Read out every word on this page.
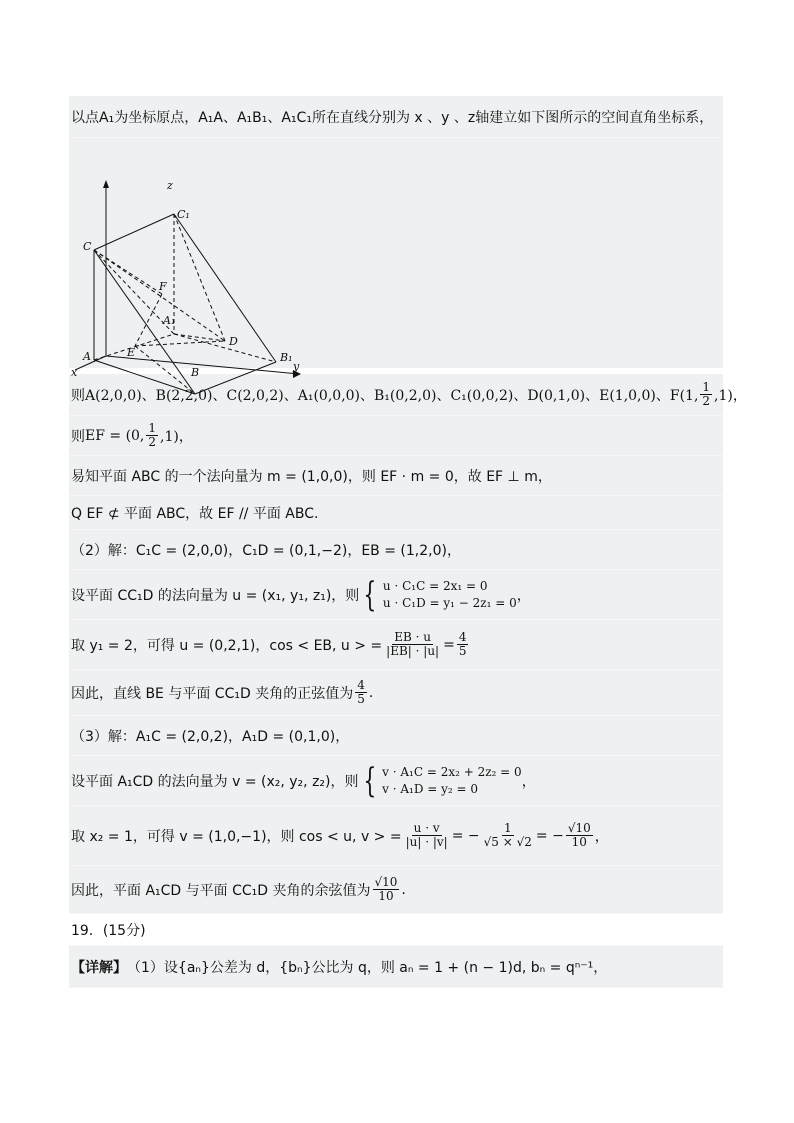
以点A₁为坐标原点，A₁A、A₁B₁、A₁C₁所在直线分别为 x 、y 、z轴建立如下图所示的空间直角坐标系，
z
C₁
C
F
A₁
D
E
A
x
B₁
y
B
则 A(2,0,0)、B(2,2,0)、C(2,0,2)、A₁(0,0,0)、B₁(0,2,0)、C₁(0,0,2)、D(0,1,0)、E(1,0,0)、F(1, $\frac{1}{2} ,1$)，
则 EF = (0, $\frac{1}{2} ,1$)，
易知平面 ABC 的一个法向量为 m = (1,0,0)，则 EF · m = 0，故 EF ⊥ m，
Q EF ⊄ 平面 ABC，故 EF // 平面 ABC.
（2）解：C₁C = (2,0,0)，C₁D = (0,1,−2)，EB = (1,2,0)，
设平面 CC₁D 的法向量为 u = (x₁, y₁, z₁)，则 { u · C₁C = 2x₁ = 0
u · C₁D = y₁ − 2z₁ = 0 ，
取 y₁ = 2，可得 u = (0,2,1)，cos < EB, u > = $\frac{EB \cdot u}{|EB| \cdot |u|} = \frac{4}{5}$
因此，直线 BE 与平面 CC₁D 夹角的正弦值为 $\frac{4}{5}$ .
（3）解：A₁C = (2,0,2)，A₁D = (0,1,0)，
设平面 A₁CD 的法向量为 v = (x₂, y₂, z₂)，则 { v · A₁C = 2x₂ + 2z₂ = 0
v · A₁D = y₂ = 0	，
取 x₂ = 1，可得 v = (1,0,−1)，则 cos < u, v > = $\frac{u \cdot v}{|u| \cdot |v|}$ = − $\frac{1}{√5 \times √2}$ = − $\frac{√10}{10}$ ，
因此，平面 A₁CD 与平面 CC₁D 夹角的余弦值为 $\frac{√10}{10}$ .
19．(15分)
【详解】 （1）设{aₙ}公差为 d，{bₙ}公比为 q，则 aₙ = 1 + (n − 1)d, bₙ = qⁿ⁻¹，
